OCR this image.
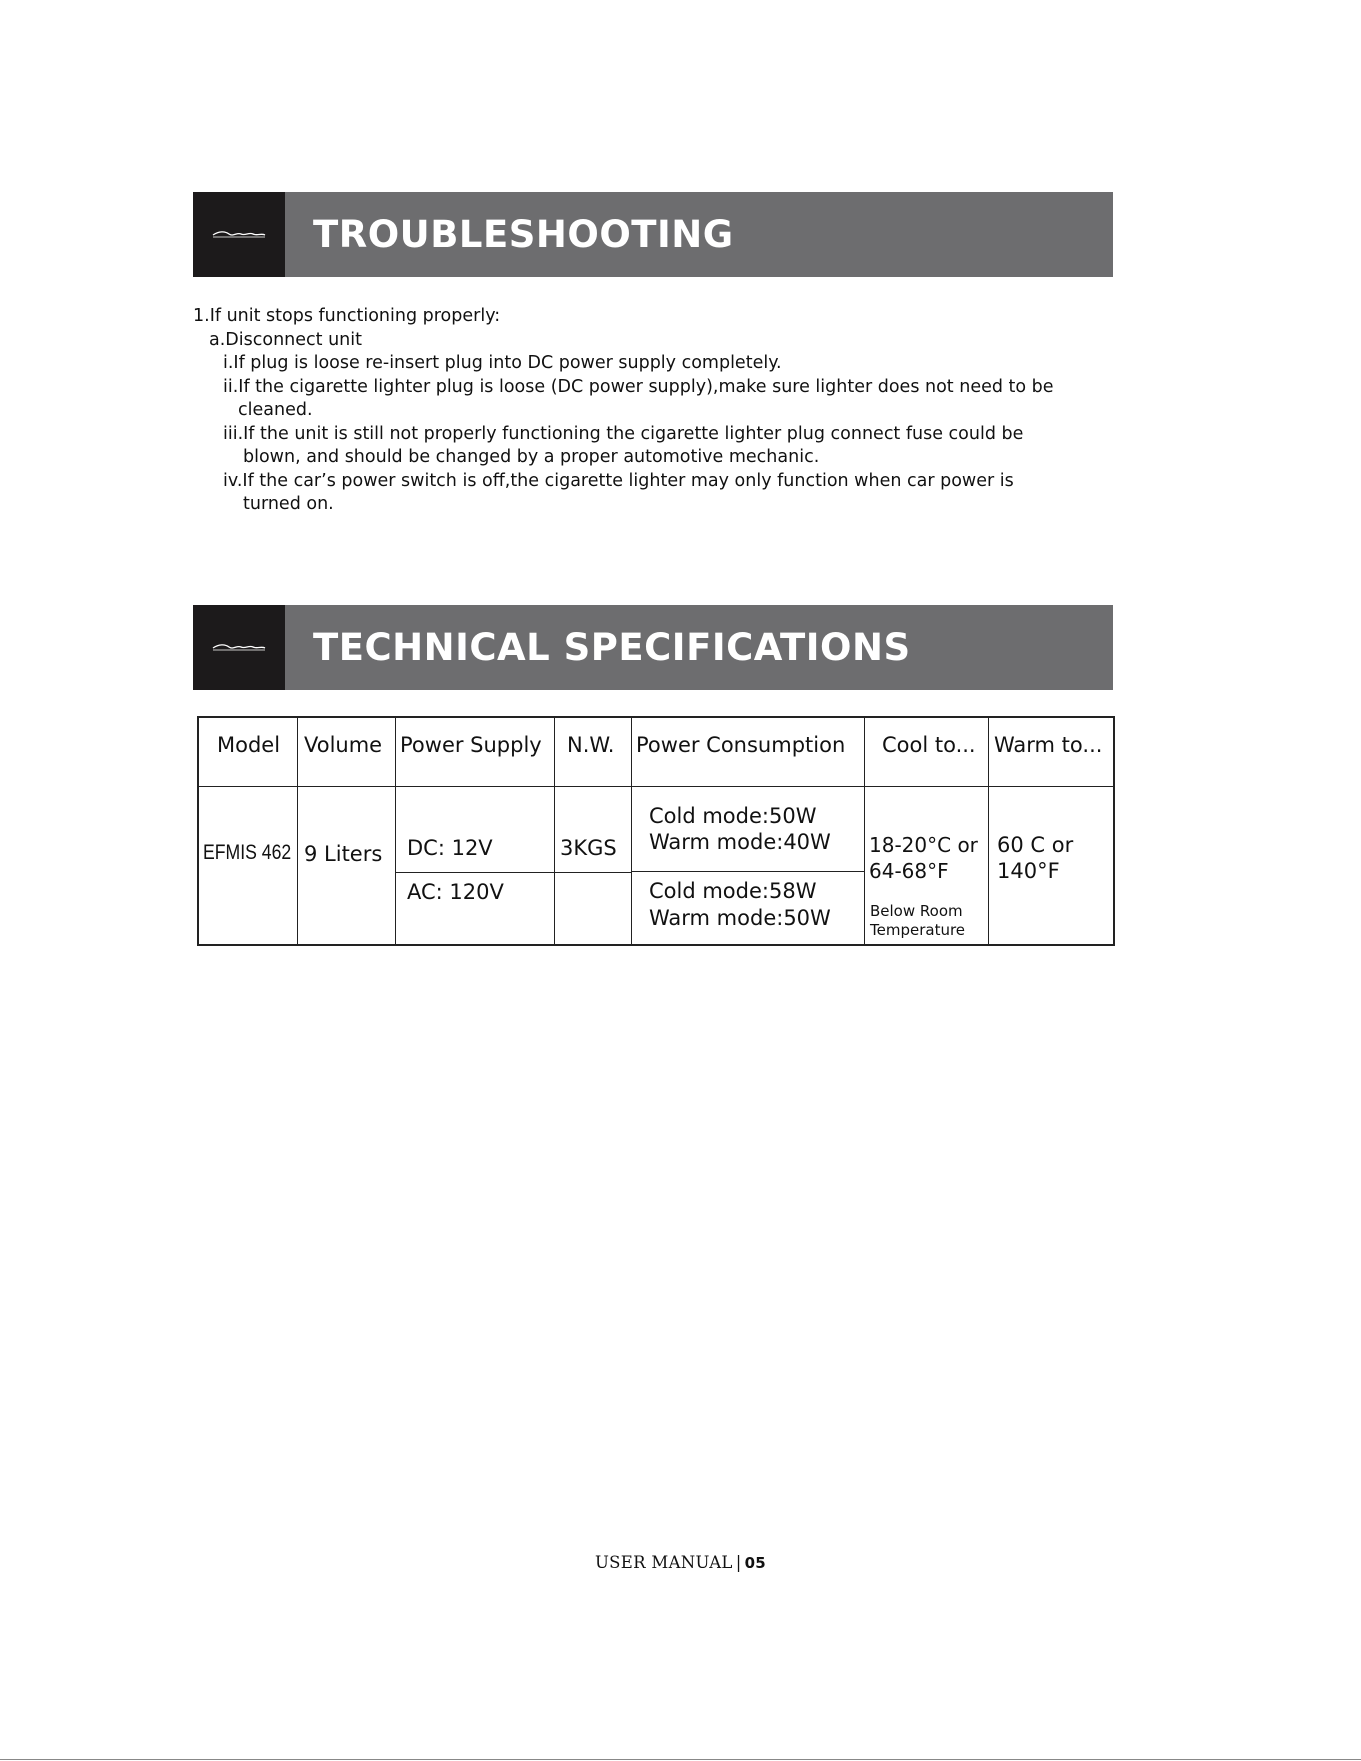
TROUBLESHOOTING
1.If unit stops functioning properly:
a.Disconnect unit
i.If plug is loose re-insert plug into DC power supply completely.
ii.If the cigarette lighter plug is loose (DC power supply),make sure lighter does not need to be
cleaned.
iii.If the unit is still not properly functioning the cigarette lighter plug connect fuse could be
blown, and should be changed by a proper automotive mechanic.
iv.If the car’s power switch is off,the cigarette lighter may only function when car power is
turned on.
TECHNICAL SPECIFICATIONS
Model Volume Power Supply N.W. Power Consumption Cool to... Warm to...
EFMIS 462 9 Liters DC: 12V
AC: 120V
3KGS
Cold mode:50W
Warm mode:40W
Cold mode:58W
Warm mode:50W
18-20°C or
64-68°F
Below Room
Temperature
60 C or
140°F
USER MANUAL | 05
